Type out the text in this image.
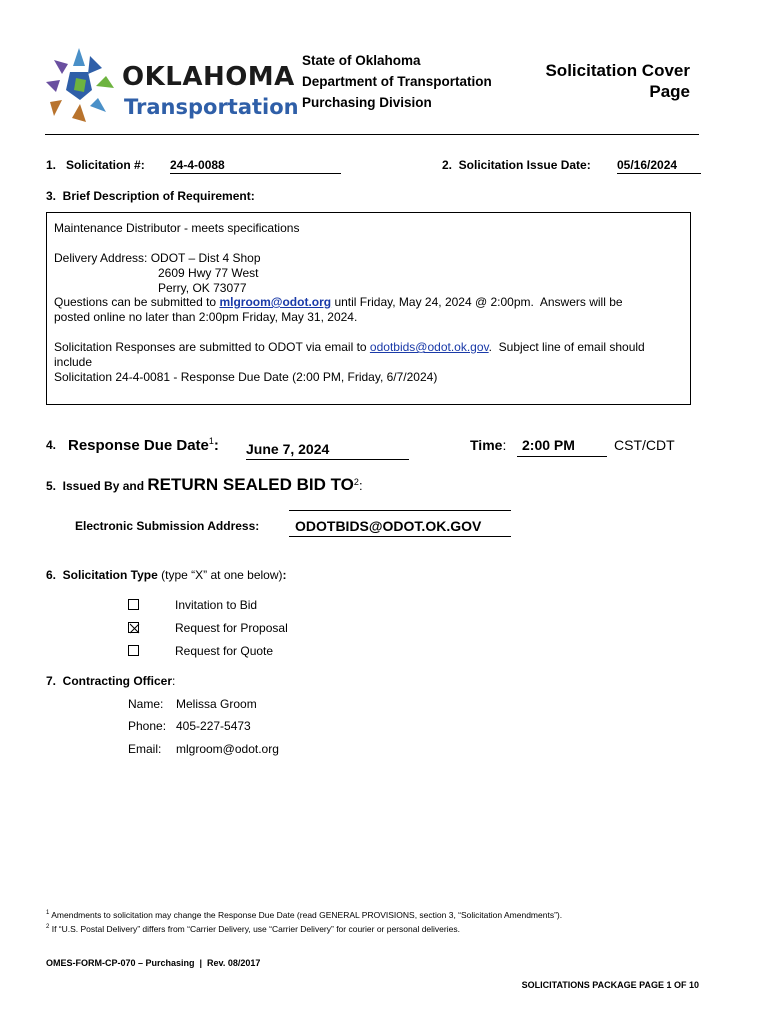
OKLAHOMA
Transportation
State of Oklahoma
Department of Transportation
Purchasing Division
Solicitation Cover
Page
1.   Solicitation #: 24-4-0088	2.  Solicitation Issue Date: 05/16/2024
3.  Brief Description of Requirement:
Maintenance Distributor - meets specifications
Delivery Address: ODOT – Dist 4 Shop
2609 Hwy 77 West
Perry, OK 73077
Questions can be submitted to mlgroom@odot.org until Friday, May 24, 2024 @ 2:00pm.  Answers will be
posted online no later than 2:00pm Friday, May 31, 2024.
Solicitation Responses are submitted to ODOT via email to odotbids@odot.ok.gov.  Subject line of email should
include
Solicitation 24-4-0081 - Response Due Date (2:00 PM, Friday, 6/7/2024)
4. Response Due Date$^1$: June 7, 2024	Time:	2:00 PM	CST/CDT
5.  Issued By and RETURN SEALED BID $TO^2$:
Electronic Submission Address:	ODOTBIDS@ODOT.OK.GOV
6.  Solicitation Type (type “X” at one below):
Invitation to Bid
Request for Proposal
Request for Quote
7.  Contracting Officer:
Name: Melissa Groom
Phone: 405-227-5473
Email: mlgroom@odot.org
$^1$ Amendments to solicitation may change the Response Due Date (read GENERAL PROVISIONS, section 3, “Solicitation Amendments”).
$^2$ If “U.S. Postal Delivery” differs from “Carrier Delivery, use “Carrier Delivery” for courier or personal deliveries.
OMES-FORM-CP-070 – Purchasing  |  Rev. 08/2017
SOLICITATIONS PACKAGE PAGE 1 OF 10
